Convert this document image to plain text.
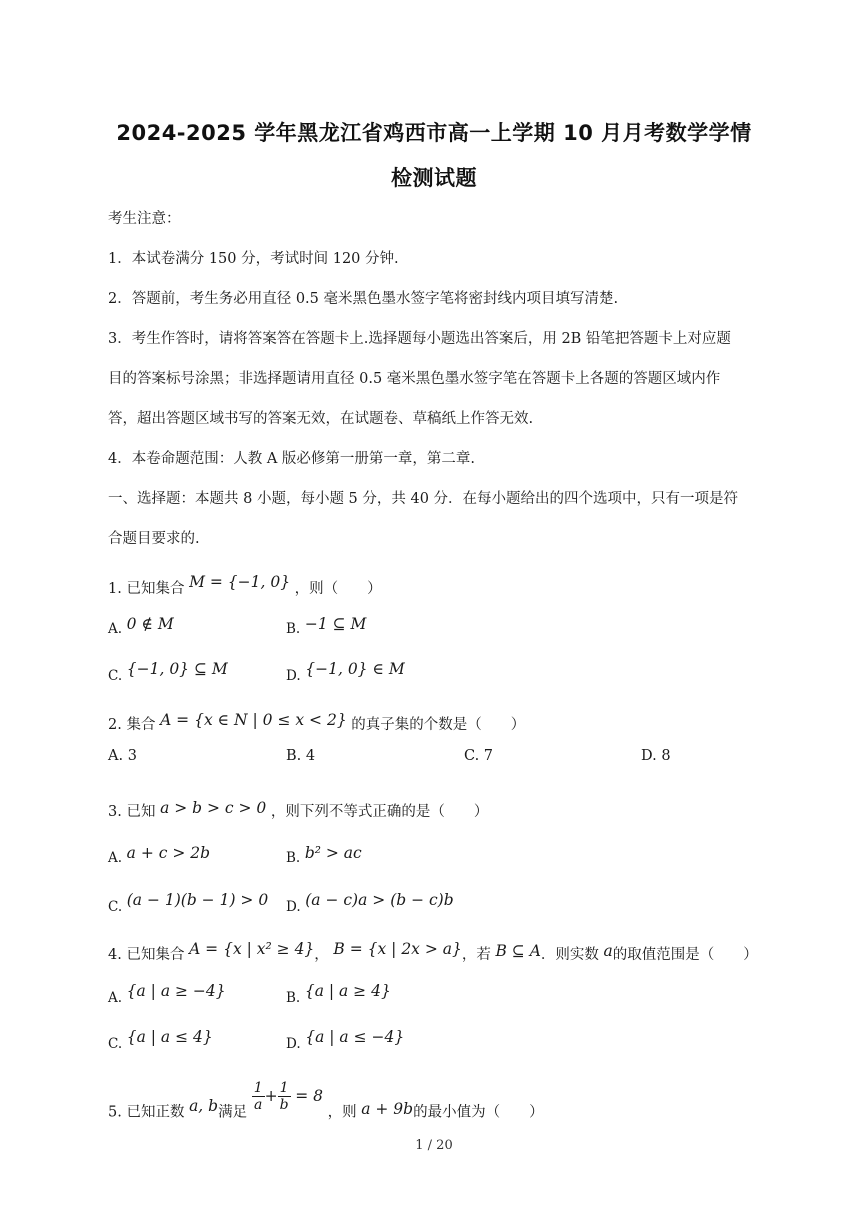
2024-2025 学年黑龙江省鸡西市高一上学期 10 月月考数学学情
检测试题
考生注意：
1．本试卷满分 150 分，考试时间 120 分钟.
2．答题前，考生务必用直径 0.5 毫米黑色墨水签字笔将密封线内项目填写清楚.
3．考生作答时，请将答案答在答题卡上.选择题每小题选出答案后，用 2B 铅笔把答题卡上对应题
目的答案标号涂黑；非选择题请用直径 0.5 毫米黑色墨水签字笔在答题卡上各题的答题区域内作
答，超出答题区域书写的答案无效，在试题卷、草稿纸上作答无效.
4．本卷命题范围：人教 A 版必修第一册第一章，第二章.
一、选择题：本题共 8 小题，每小题 5 分，共 40 分．在每小题给出的四个选项中，只有一项是符
合题目要求的.
1. 已知集合 M = {−1, 0} ，则（　　）
A. 0 ∉ M	B. −1 ⊆ M
C. {−1, 0} ⊆ M	D. {−1, 0} ∈ M
2. 集合 A = {x ∈ N | 0 ≤ x < 2} 的真子集的个数是（　　）
A. 3	B. 4	C. 7	D. 8
3. 已知 a > b > c > 0 ，则下列不等式正确的是（　　）
A. a + c > 2b	B. b² > ac
C. (a − 1)(b − 1) > 0 D. (a − c)a > (b − c)b
4. 已知集合 A = {x | x² ≥ 4}， B = {x | 2x > a}，若 B ⊆ A．则实数 a的取值范围是（　　）
A. {a | a ≥ −4}	B. {a | a ≥ 4}
C. {a | a ≤ 4}	D. {a | a ≤ −4}
5. 已知正数 a, b满足 $\frac{1}{a} + \frac{1}{b} = 8$ ，则 a + 9b的最小值为（　　）
1 / 20
